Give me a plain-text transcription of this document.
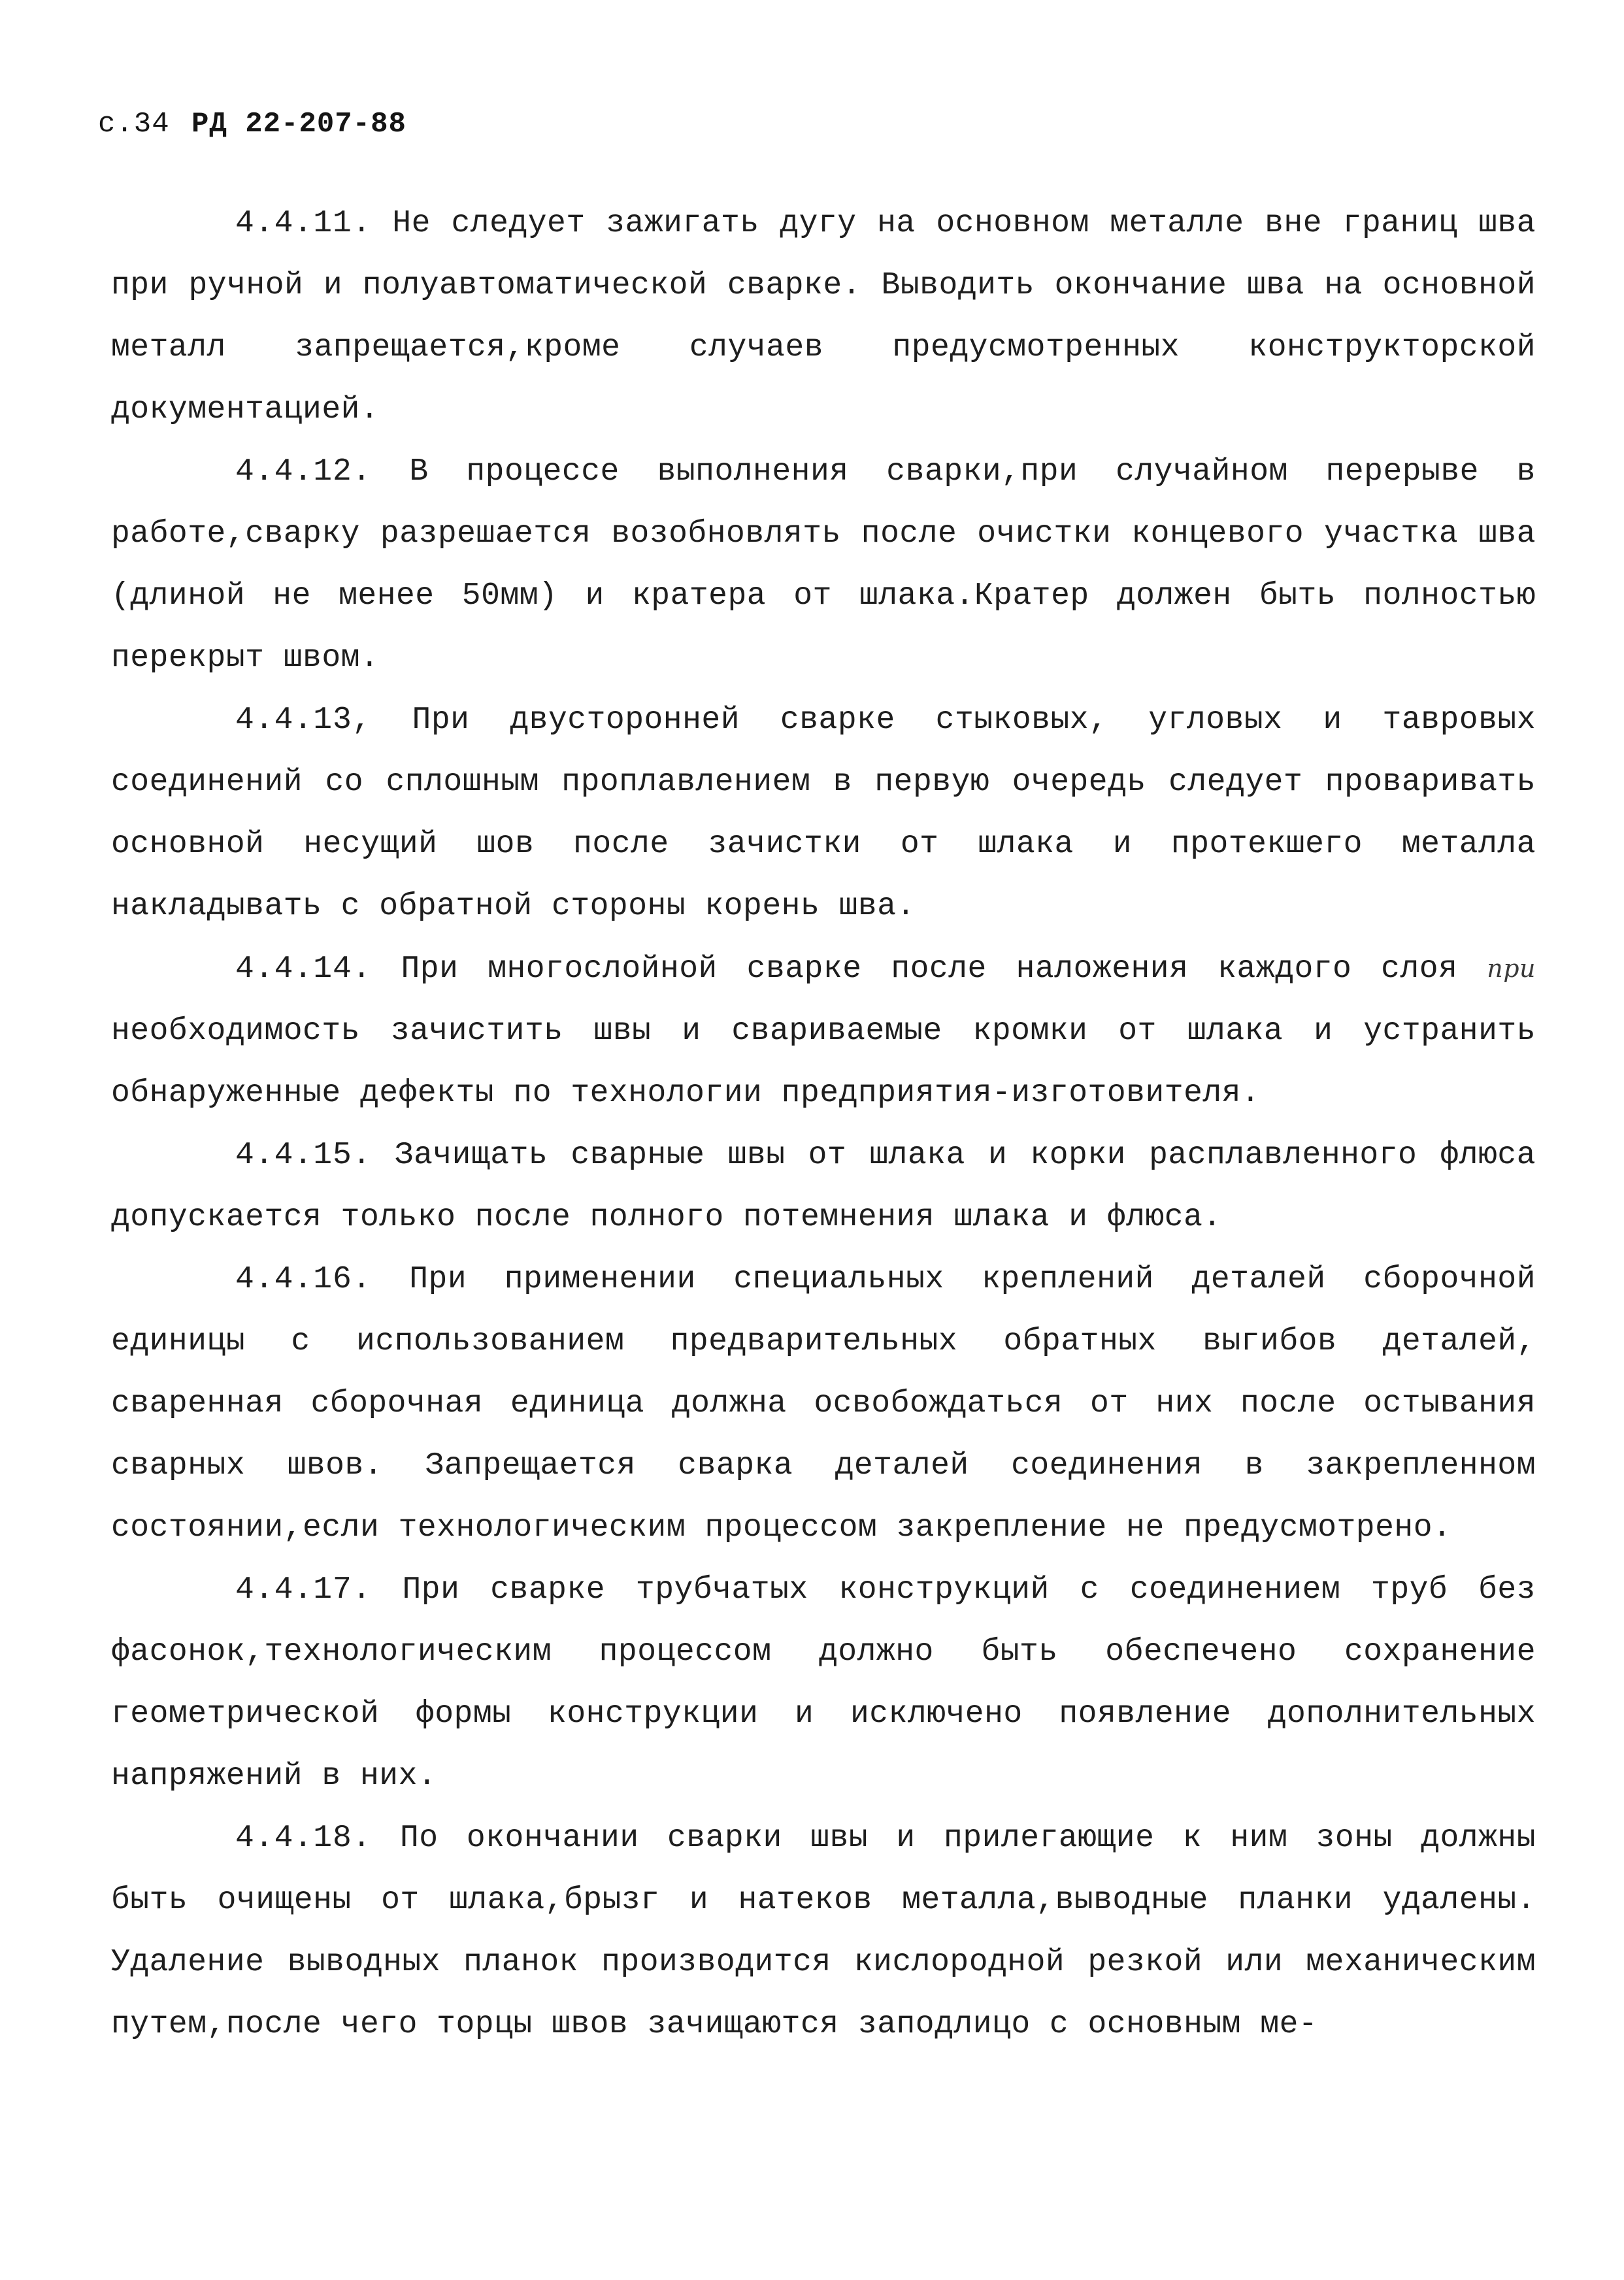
с.34 РД 22-207-88

4.4.11. Не следует зажигать дугу на основном металле вне границ шва при ручной и полуавтоматической сварке. Выводить окончание шва на основной металл запрещается,кроме случаев предусмотренных конструкторской документацией.

4.4.12. В процессе выполнения сварки,при случайном перерыве в работе,сварку разрешается возобновлять после очистки концевого участка шва (длиной не менее 50мм) и кратера от шлака.Кратер должен быть полностью перекрыт швом.

4.4.13, При двусторонней сварке стыковых, угловых и тавровых соединений со сплошным проплавлением в первую очередь следует проваривать основной несущий шов после зачистки от шлака и протекшего металла накладывать с обратной стороны корень шва.

4.4.14. При многослойной сварке после наложения каждого слоя при необходимость зачистить швы и свариваемые кромки от шлака и устранить обнаруженные дефекты по технологии предприятия-изготовителя.

4.4.15. Зачищать сварные швы от шлака и корки расплавленного флюса допускается только после полного потемнения шлака и флюса.

4.4.16. При применении специальных креплений деталей сборочной единицы с использованием предварительных обратных выгибов деталей, сваренная сборочная единица должна освобождаться от них после остывания сварных швов. Запрещается сварка деталей соединения в закрепленном состоянии,если технологическим процессом закрепление не предусмотрено.

4.4.17. При сварке трубчатых конструкций с соединением труб без фасонок,технологическим процессом должно быть обеспечено сохранение геометрической формы конструкции и исключено появление дополнительных напряжений в них.

4.4.18. По окончании сварки швы и прилегающие к ним зоны должны быть очищены от шлака,брызг и натеков металла,выводные планки удалены. Удаление выводных планок производится кислородной резкой или механическим путем,после чего торцы швов зачищаются заподлицо с основным ме-
